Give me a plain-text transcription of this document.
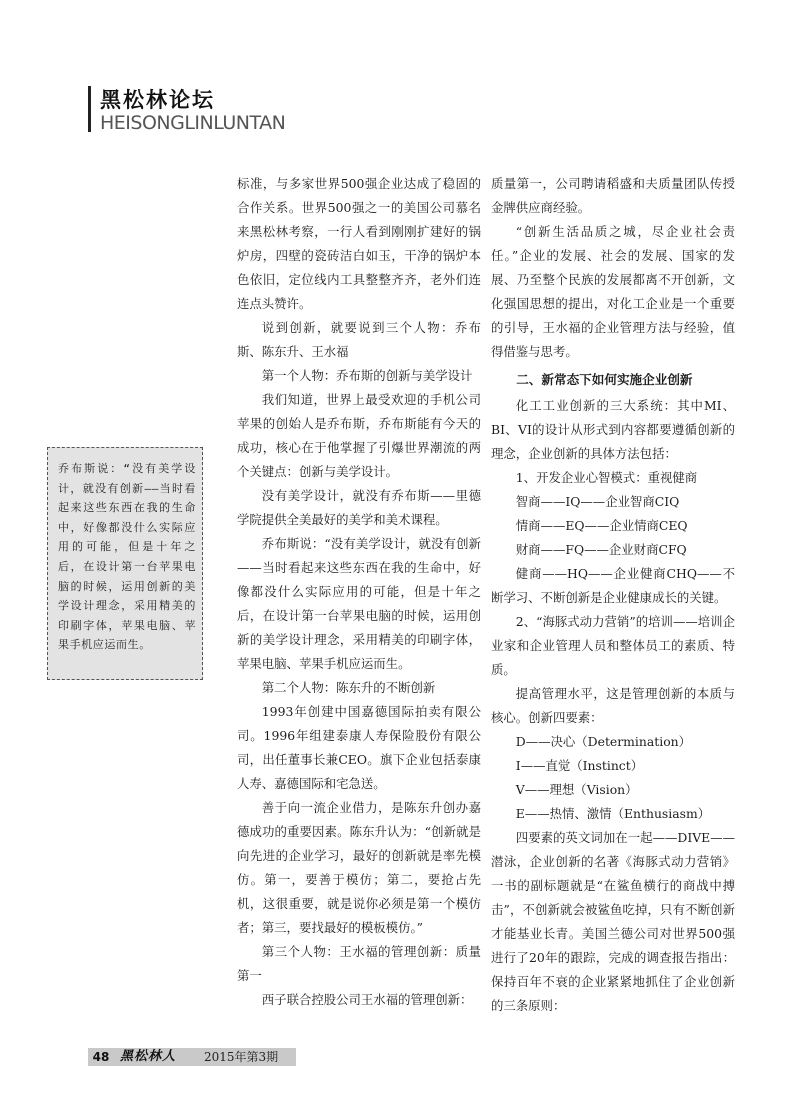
黑松林论坛
HEISONGLINLUNTAN

乔布斯说：“没有美学设计，就没有创新——当时看起来这些东西在我的生命中，好像都没什么实际应用的可能，但是十年之后，在设计第一台苹果电脑的时候，运用创新的美学设计理念，采用精美的印刷字体，苹果电脑、苹果手机应运而生。

标准，与多家世界500强企业达成了稳固的合作关系。世界500强之一的美国公司慕名来黑松林考察，一行人看到刚刚扩建好的锅炉房，四壁的瓷砖洁白如玉，干净的锅炉本色依旧，定位线内工具整整齐齐，老外们连连点头赞许。

说到创新，就要说到三个人物：乔布斯、陈东升、王水福

第一个人物：乔布斯的创新与美学设计

我们知道，世界上最受欢迎的手机公司苹果的创始人是乔布斯，乔布斯能有今天的成功，核心在于他掌握了引爆世界潮流的两个关键点：创新与美学设计。

没有美学设计，就没有乔布斯——里德学院提供全美最好的美学和美术课程。

乔布斯说：“没有美学设计，就没有创新——当时看起来这些东西在我的生命中，好像都没什么实际应用的可能，但是十年之后，在设计第一台苹果电脑的时候，运用创新的美学设计理念，采用精美的印刷字体，苹果电脑、苹果手机应运而生。

第二个人物：陈东升的不断创新

1993年创建中国嘉德国际拍卖有限公司。1996年组建泰康人寿保险股份有限公司，出任董事长兼CEO。旗下企业包括泰康人寿、嘉德国际和宅急送。

善于向一流企业借力，是陈东升创办嘉德成功的重要因素。陈东升认为：“创新就是向先进的企业学习，最好的创新就是率先模仿。第一，要善于模仿；第二，要抢占先机，这很重要，就是说你必须是第一个模仿者；第三，要找最好的模板模仿。”

第三个人物：王水福的管理创新：质量第一

西子联合控股公司王水福的管理创新：

质量第一，公司聘请稻盛和夫质量团队传授金牌供应商经验。

“创新生活品质之城，尽企业社会责任。”企业的发展、社会的发展、国家的发展、乃至整个民族的发展都离不开创新，文化强国思想的提出，对化工企业是一个重要的引导，王水福的企业管理方法与经验，值得借鉴与思考。

二、新常态下如何实施企业创新

化工工业创新的三大系统：其中MI、BI、VI的设计从形式到内容都要遵循创新的理念，企业创新的具体方法包括：

1、开发企业心智模式：重视健商

智商——IQ——企业智商CIQ

情商——EQ——企业情商CEQ

财商——FQ——企业财商CFQ

健商——HQ——企业健商CHQ——不断学习、不断创新是企业健康成长的关键。

2、“海豚式动力营销”的培训——培训企业家和企业管理人员和整体员工的素质、特质。

提高管理水平，这是管理创新的本质与核心。创新四要素：

D——决心（Determination）

I——直觉（Instinct）

V——理想（Vision）

E——热情、激情（Enthusiasm）

四要素的英文词加在一起——DIVE——潜泳，企业创新的名著《海豚式动力营销》一书的副标题就是“在鲨鱼横行的商战中搏击”，不创新就会被鲨鱼吃掉，只有不断创新才能基业长青。美国兰德公司对世界500强进行了20年的跟踪，完成的调查报告指出：保持百年不衰的企业紧紧地抓住了企业创新的三条原则：

48 黑松林人 2015年第3期
